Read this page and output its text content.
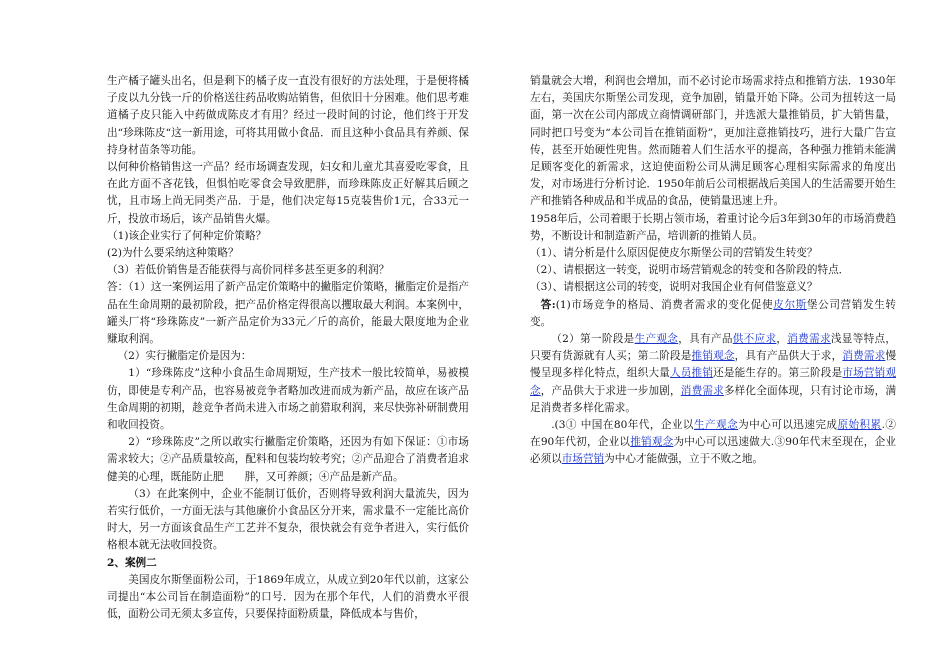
生产橘子罐头出名，但是剩下的橘子皮一直没有很好的方法处理，于是便将橘子皮以九分钱一斤的价格送往药品收购站销售，但依旧十分困难。他们思考难道橘子皮只能入中药做成陈皮才有用？经过一段时间的讨论，他们终于开发出“珍珠陈皮“这一新用途，可将其用做小食品．而且这种小食品具有养颜、保持身材苗条等功能。

以何种价格销售这一产品？经市场调查发现，妇女和儿童尤其喜爱吃零食，且在此方面不吝花钱，但惧怕吃零食会导致肥胖，而珍珠陈皮正好解其后顾之忧，且市场上尚无同类产品．于是，他们决定每15克装售价1元，合33元一斤，投放市场后，该产品销售火爆。

（1)该企业实行了何种定价策略？

(2)为什么要采纳这种策略？

（3）若低价销售是否能获得与高价同样多甚至更多的利润？

答：（1）这一案例运用了新产品定价策略中的撇脂定价策略，撇脂定价是指产品在生命周期的最初阶段，把产品价格定得很高以攫取最大利润。本案例中，罐头厂将“珍珠陈皮”一新产品定价为33元／斤的高价，能最大限度地为企业赚取利润。

（2）实行撇脂定价是因为：

1）“珍珠陈皮”这种小食品生命周期短，生产技术一般比较简单，易被模仿，即使是专利产品，也容易被竞争者略加改进而成为新产品，故应在该产品生命周期的初期，趁竞争者尚未进入市场之前猎取利润，来尽快弥补研制费用和收回投资。

2）“珍珠陈皮”之所以敢实行撇脂定价策略，还因为有如下保证：①市场需求较大；②产品质量较高，配料和包装均较考究；②产品迎合了消费者追求健美的心理，既能防止肥　　胖，又可养颜；④产品是新产品。

（3）在此案例中，企业不能制订低价，否则将导致利润大量流失，因为若实行低价，一方面无法与其他廉价小食品区分开来，需求量不一定能比高价时大，另一方面该食品生产工艺并不复杂，很快就会有竞争者进入，实行低价格根本就无法收回投资。

2、案例二

美国皮尔斯堡面粉公司，于1869年成立，从成立到20年代以前，这家公司提出“本公司旨在制造面粉”的口号．因为在那个年代，人们的消费水平很低，面粉公司无须太多宣传，只要保持面粉质量，降低成本与售价，

销量就会大增，利润也会增加，而不必讨论市场需求持点和推销方法．1930年左右，美国庆尔斯堡公司发现，竞争加剧，销量开始下降。公司为扭转这一局面，第一次在公司内部成立商情调研部门，并选派大量推销员，扩大销售量，同时把口号变为“本公司旨在推销面粉”，更加注意推销技巧，进行大量广告宣传，甚至开始硬性兜售。然而随着人们生活水平的提高，各种强力推销未能满足顾客变化的新需求，这迫使面粉公司从满足顾客心理相实际需求的角度出发，对市场进行分析讨论．1950年前后公司根据战后美国人的生活需要开始生产和推销各种成品和半成品的食品，使销量迅速上升。

1958年后，公司着眼于长期占领市场，着重讨论今后3年到30年的市场消费趋势，不断设计和制造新产品，培训新的推销人员。

（1）、请分析是什么原因促使皮尔斯堡公司的营销发生转变？

（2）、请根据这一转变，说明市场营销观念的转变和各阶段的特点．

（3）、请根据这公司的转变，说明对我国企业有何借鉴意义？

答:(1)市场竞争的格局、消费者需求的变化促使皮尔斯堡公司营销发生转变。

（2）第一阶段是生产观念，具有产品供不应求，消费需求浅显等特点，只要有货源就有人买；第二阶段是推销观念，具有产品供大于求，消费需求慢慢呈现多样化特点，组织大量人员推销还是能生存的。第三阶段是市场营销观念，产品供大于求进一步加剧，消费需求多样化全面体现，只有讨论市场，满足消费者多样化需求。

.(3① 中国在80年代，企业以生产观念为中心可以迅速完成原始积累.② 在90年代初，企业以推销观念为中心可以迅速做大.③90年代末至现在，企业必须以市场营销为中心才能做强，立于不败之地。
